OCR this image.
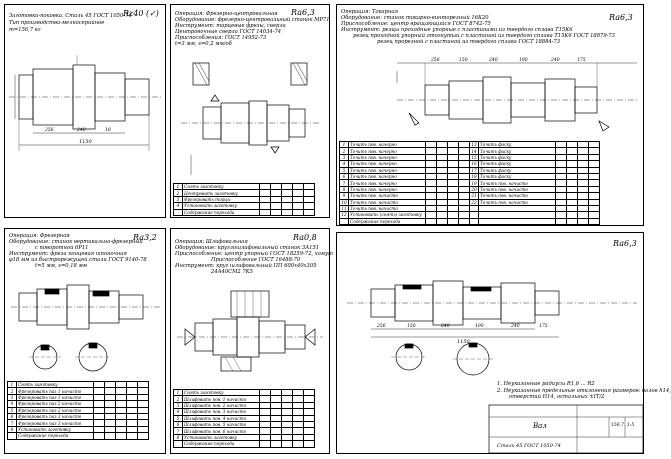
Заготовка-поковка. Сталь 45 ГОСТ 1050-74
Тип производства-мелкосерийное
m=156,7 кг
Rz40 (✓)
1150
256	240	18
Операция: Фрезерно-центровальная
Оборудование: фрезерно-центровальный станок МР71
Инструмент: торцевые фрезы, сверла
Центровочные сверла ГОСТ 14034-74
Приспособления: ГОСТ 14952-73
t=3 мм, s=0,2 мм/об
Ra6,3
1	Снять заготовку					
2	Центровать заготовку					
3	Фрезеровать торцы					
4	Установить заготовку					
	Содержание перехода					
Операция: Токарная
Оборудование: станок токарно-винторезный 16К20
Приспособление: центр вращающийся ГОСТ 8742-75
Инструмент: резцы проходные упорные с пластинами из твердого сплава Т15К6
резец проходной упорный отогнутый с пластиной из твердого сплава Т15К6 ГОСТ 18879-73
резец прорезной с пластиной из твердого сплава ГОСТ 18884-73
Ra6,3
256	150	240	190	240	175
1	Точить пов. начерно					13	Точить фаску				
2	Точить пов. начерно					14	Точить фаску				
3	Точить пов. начерно					15	Точить фаску				
4	Точить пов. начерно					16	Точить фаску				
5	Точить пов. начерно					17	Точить фаску				
6	Точить пов. начерно					18	Точить фаску				
7	Точить пов. начерно					19	Точить пов. начисто				
8	Точить пов. начерно					20	Точить пов. начисто				
9	Точить пов. начисто					21	Точить пов. начисто				
10	Точить пов. начисто					22	Точить пов. начисто				
11	Точить пов. начисто										
12	Установить (снять) заготовку										
	Содержание перехода										
Операция: Фрезерная
Оборудование: станок вертикально-фрезерный
с поворотной 6Р11
Инструмент: фреза концевая шпоночная
φ18 мм из быстрорежущей стали ГОСТ 9140-78
t=5 мм, s=0,18 мм
Ra3,2
1	Снять заготовку					
2	Фрезеровать паз 1 начисто					
3	Фрезеровать паз 1 начисто					
4	Фрезеровать паз 2 начисто					
5	Фрезеровать паз 2 начисто					
6	Фрезеровать паз 3 начисто					
7	Фрезеровать паз 3 начисто					
8	Установить заготовку					
	Содержание перехода					
Операция: Шлифовальная
Оборудование: круглошлифовальный станок 3А151
Приспособление: центр упорный ГОСТ 18259-72, хомут
Приспособление ГОСТ 16488-70
Инструмент: круг шлифовальный ПП 600x40x305
24А40СМ2 7К5
Ra0,8
1	Снять заготовку					
2	Шлифовать пов. 1 начисто					
3	Шлифовать пов. 2 начисто					
4	Шлифовать пов. 3 начисто					
5	Шлифовать пов. 4 начисто					
6	Шлифовать пов. 5 начисто					
7	Шлифовать пов. 6 начисто					
8	Установить заготовку					
	Содержание перехода					
Ra6,3
1150
256	150	240	190	240	175
1. Неуказанные радиусы R1,6 ... R2
2. Неуказанные предельные отклонения размеров: валов h14,
отверстий H14, остальных ±IT/2
Вал
Сталь 45 ГОСТ 1050-74
156,7 1:5
